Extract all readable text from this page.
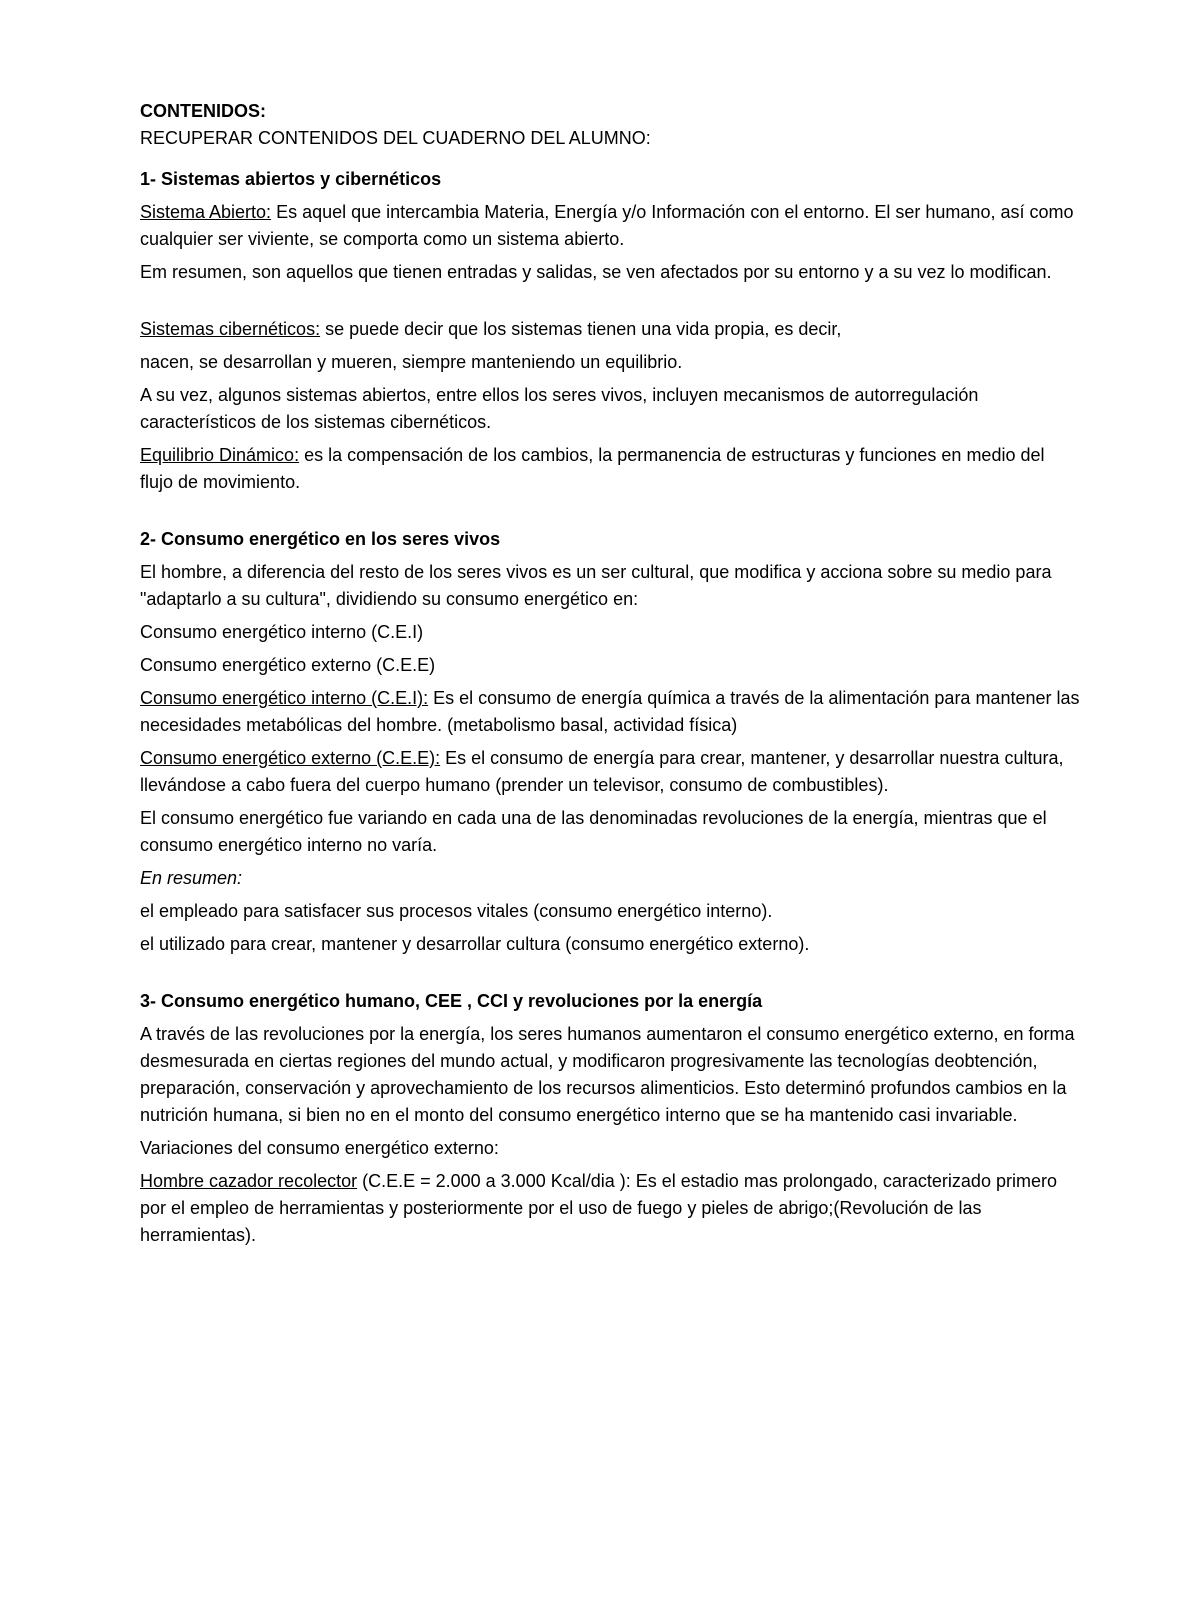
CONTENIDOS:

RECUPERAR CONTENIDOS DEL CUADERNO DEL ALUMNO:

1- Sistemas abiertos y cibernéticos

Sistema Abierto: Es aquel que intercambia Materia, Energía y/o Información con el entorno. El ser humano, así como cualquier ser viviente, se comporta como un sistema abierto.

Em resumen, son aquellos que tienen entradas y salidas, se ven afectados por su entorno y a su vez lo modifican.

Sistemas cibernéticos: se puede decir que los sistemas tienen una vida propia, es decir,

nacen, se desarrollan y mueren, siempre manteniendo un equilibrio.

A su vez, algunos sistemas abiertos, entre ellos los seres vivos, incluyen mecanismos de autorregulación característicos de los sistemas cibernéticos.

Equilibrio Dinámico: es la compensación de los cambios, la permanencia de estructuras y funciones en medio del flujo de movimiento.

2- Consumo energético en los seres vivos

El hombre, a diferencia del resto de los seres vivos es un ser cultural, que modifica y acciona sobre su medio para "adaptarlo a su cultura", dividiendo su consumo energético en:

Consumo energético interno (C.E.I)

Consumo energético externo (C.E.E)

Consumo energético interno (C.E.I): Es el consumo de energía química a través de la alimentación para mantener las necesidades metabólicas del hombre. (metabolismo basal, actividad física)

Consumo energético externo (C.E.E): Es el consumo de energía para crear, mantener, y desarrollar nuestra cultura, llevándose a cabo fuera del cuerpo humano (prender un televisor, consumo de combustibles).

El consumo energético fue variando en cada una de las denominadas revoluciones de la energía, mientras que el consumo energético interno no varía.

En resumen:

el empleado para satisfacer sus procesos vitales (consumo energético interno).

el utilizado para crear, mantener y desarrollar cultura (consumo energético externo).

3- Consumo energético humano, CEE , CCI y revoluciones por la energía

A través de las revoluciones por la energía, los seres humanos aumentaron el consumo energético externo, en forma desmesurada en ciertas regiones del mundo actual, y modificaron progresivamente las tecnologías deobtención, preparación, conservación y aprovechamiento de los recursos alimenticios. Esto determinó profundos cambios en la nutrición humana, si bien no en el monto del consumo energético interno que se ha mantenido casi invariable.

Variaciones del consumo energético externo:

Hombre cazador recolector (C.E.E = 2.000 a 3.000 Kcal/dia ): Es el estadio mas prolongado, caracterizado primero por el empleo de herramientas y posteriormente por el uso de fuego y pieles de abrigo;(Revolución de las herramientas).
